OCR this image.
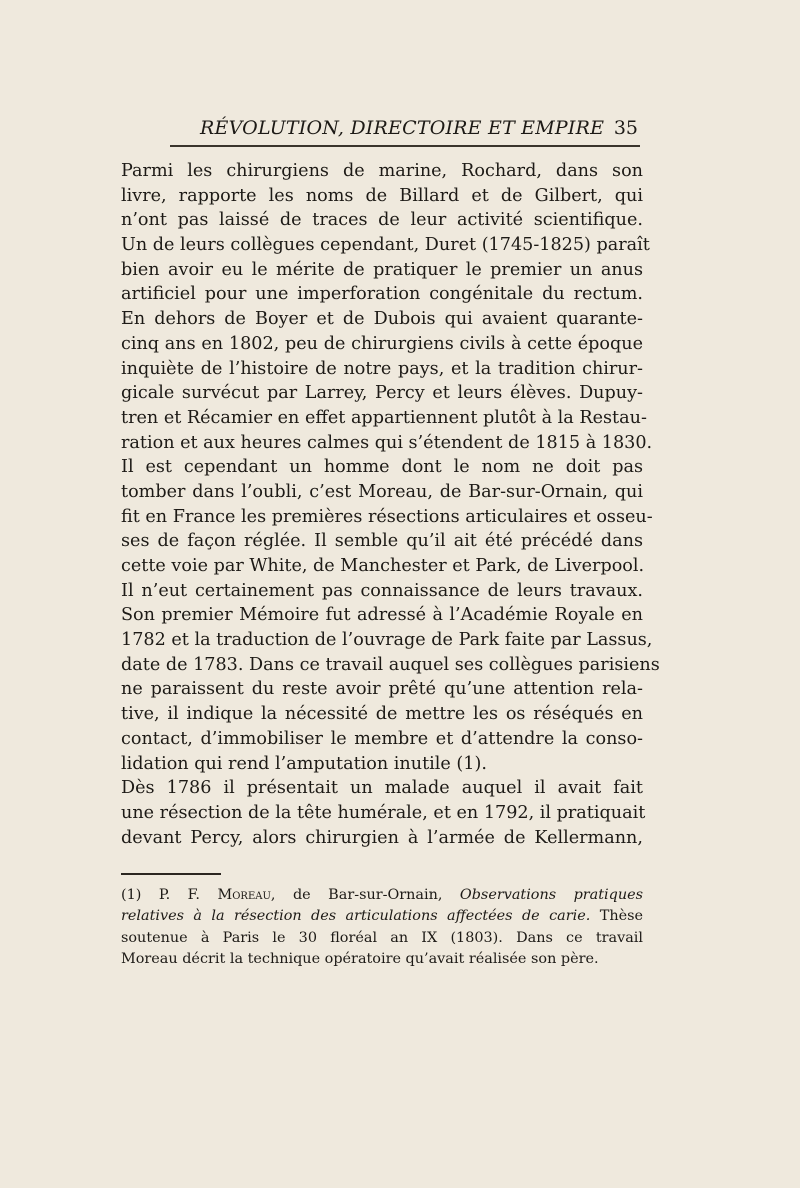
RÉVOLUTION, DIRECTOIRE ET EMPIRE 35
Parmi les chirurgiens de marine, Rochard, dans son
livre, rapporte les noms de Billard et de Gilbert, qui
n’ont pas laissé de traces de leur activité scientifique.
Un de leurs collègues cependant, Duret (1745-1825) paraît
bien avoir eu le mérite de pratiquer le premier un anus
artificiel pour une imperforation congénitale du rectum.
En dehors de Boyer et de Dubois qui avaient quarante-
cinq ans en 1802, peu de chirurgiens civils à cette époque
inquiète de l’histoire de notre pays, et la tradition chirur-
gicale survécut par Larrey, Percy et leurs élèves. Dupuy-
tren et Récamier en effet appartiennent plutôt à la Restau-
ration et aux heures calmes qui s’étendent de 1815 à 1830.
Il est cependant un homme dont le nom ne doit pas
tomber dans l’oubli, c’est Moreau, de Bar-sur-Ornain, qui
fit en France les premières résections articulaires et osseu-
ses de façon réglée. Il semble qu’il ait été précédé dans
cette voie par White, de Manchester et Park, de Liverpool.
Il n’eut certainement pas connaissance de leurs travaux.
Son premier Mémoire fut adressé à l’Académie Royale en
1782 et la traduction de l’ouvrage de Park faite par Lassus,
date de 1783. Dans ce travail auquel ses collègues parisiens
ne paraissent du reste avoir prêté qu’une attention rela-
tive, il indique la nécessité de mettre les os réséqués en
contact, d’immobiliser le membre et d’attendre la conso-
lidation qui rend l’amputation inutile (1).
Dès 1786 il présentait un malade auquel il avait fait
une résection de la tête humérale, et en 1792, il pratiquait
devant Percy, alors chirurgien à l’armée de Kellermann,
(1) P. F. Moreau, de Bar-sur-Ornain, Observations pratiques
relatives à la résection des articulations affectées de carie. Thèse
soutenue à Paris le 30 floréal an IX (1803). Dans ce travail
Moreau décrit la technique opératoire qu’avait réalisée son père.
